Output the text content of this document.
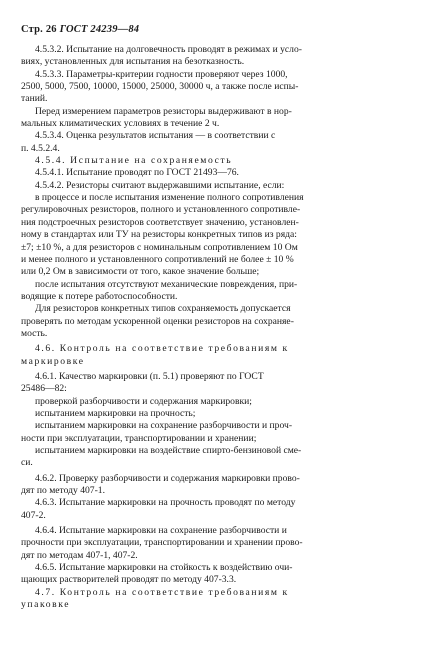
Стр. 26 ГОСТ 24239—84

4.5.3.2. Испытание на долговечность проводят в режимах и усло-

виях, установленных для испытания на безотказность.

4.5.3.3. Параметры-критерии годности проверяют через 1000,

2500, 5000, 7500, 10000, 15000, 25000, 30000 ч, а также после испы-

таний.

Перед измерением параметров резисторы выдерживают в нор-

мальных климатических условиях в течение 2 ч.

4.5.3.4. Оценка результатов испытания — в соответствии с

п. 4.5.2.4.

4.5.4. Испытание на сохраняемость

4.5.4.1. Испытание проводят по ГОСТ 21493—76.

4.5.4.2. Резисторы считают выдержавшими испытание, если:

в процессе и после испытания изменение полного сопротивления

регулировочных резисторов, полного и установленного сопротивле-

ния подстроечных резисторов соответствует значению, установлен-

ному в стандартах или ТУ на резисторы конкретных типов из ряда:

±7; ±10 %, а для резисторов с номинальным сопротивлением 10 Ом

и менее полного и установленного сопротивлений не более ± 10 %

или 0,2 Ом в зависимости от того, какое значение больше;

после испытания отсутствуют механические повреждения, при-

водящие к потере работоспособности.

Для резисторов конкретных типов сохраняемость допускается

проверять по методам ускоренной оценки резисторов на сохраняе-

мость.

4.6. Контроль на соответствие требованиям к

маркировке

4.6.1. Качество маркировки (п. 5.1) проверяют по ГОСТ

25486—82:

проверкой разборчивости и содержания маркировки;

испытанием маркировки на прочность;

испытанием маркировки на сохранение разборчивости и проч-

ности при эксплуатации, транспортировании и хранении;

испытанием маркировки на воздействие спирто-бензиновой сме-

си.

4.6.2. Проверку разборчивости и содержания маркировки прово-

дят по методу 407-1.

4.6.3. Испытание маркировки на прочность проводят по методу

407-2.

4.6.4. Испытание маркировки на сохранение разборчивости и

прочности при эксплуатации, транспортировании и хранении прово-

дят по методам 407-1, 407-2.

4.6.5. Испытание маркировки на стойкость к воздействию очи-

щающих растворителей проводят по методу 407-3.3.

4.7. Контроль на соответствие требованиям к

упаковке
